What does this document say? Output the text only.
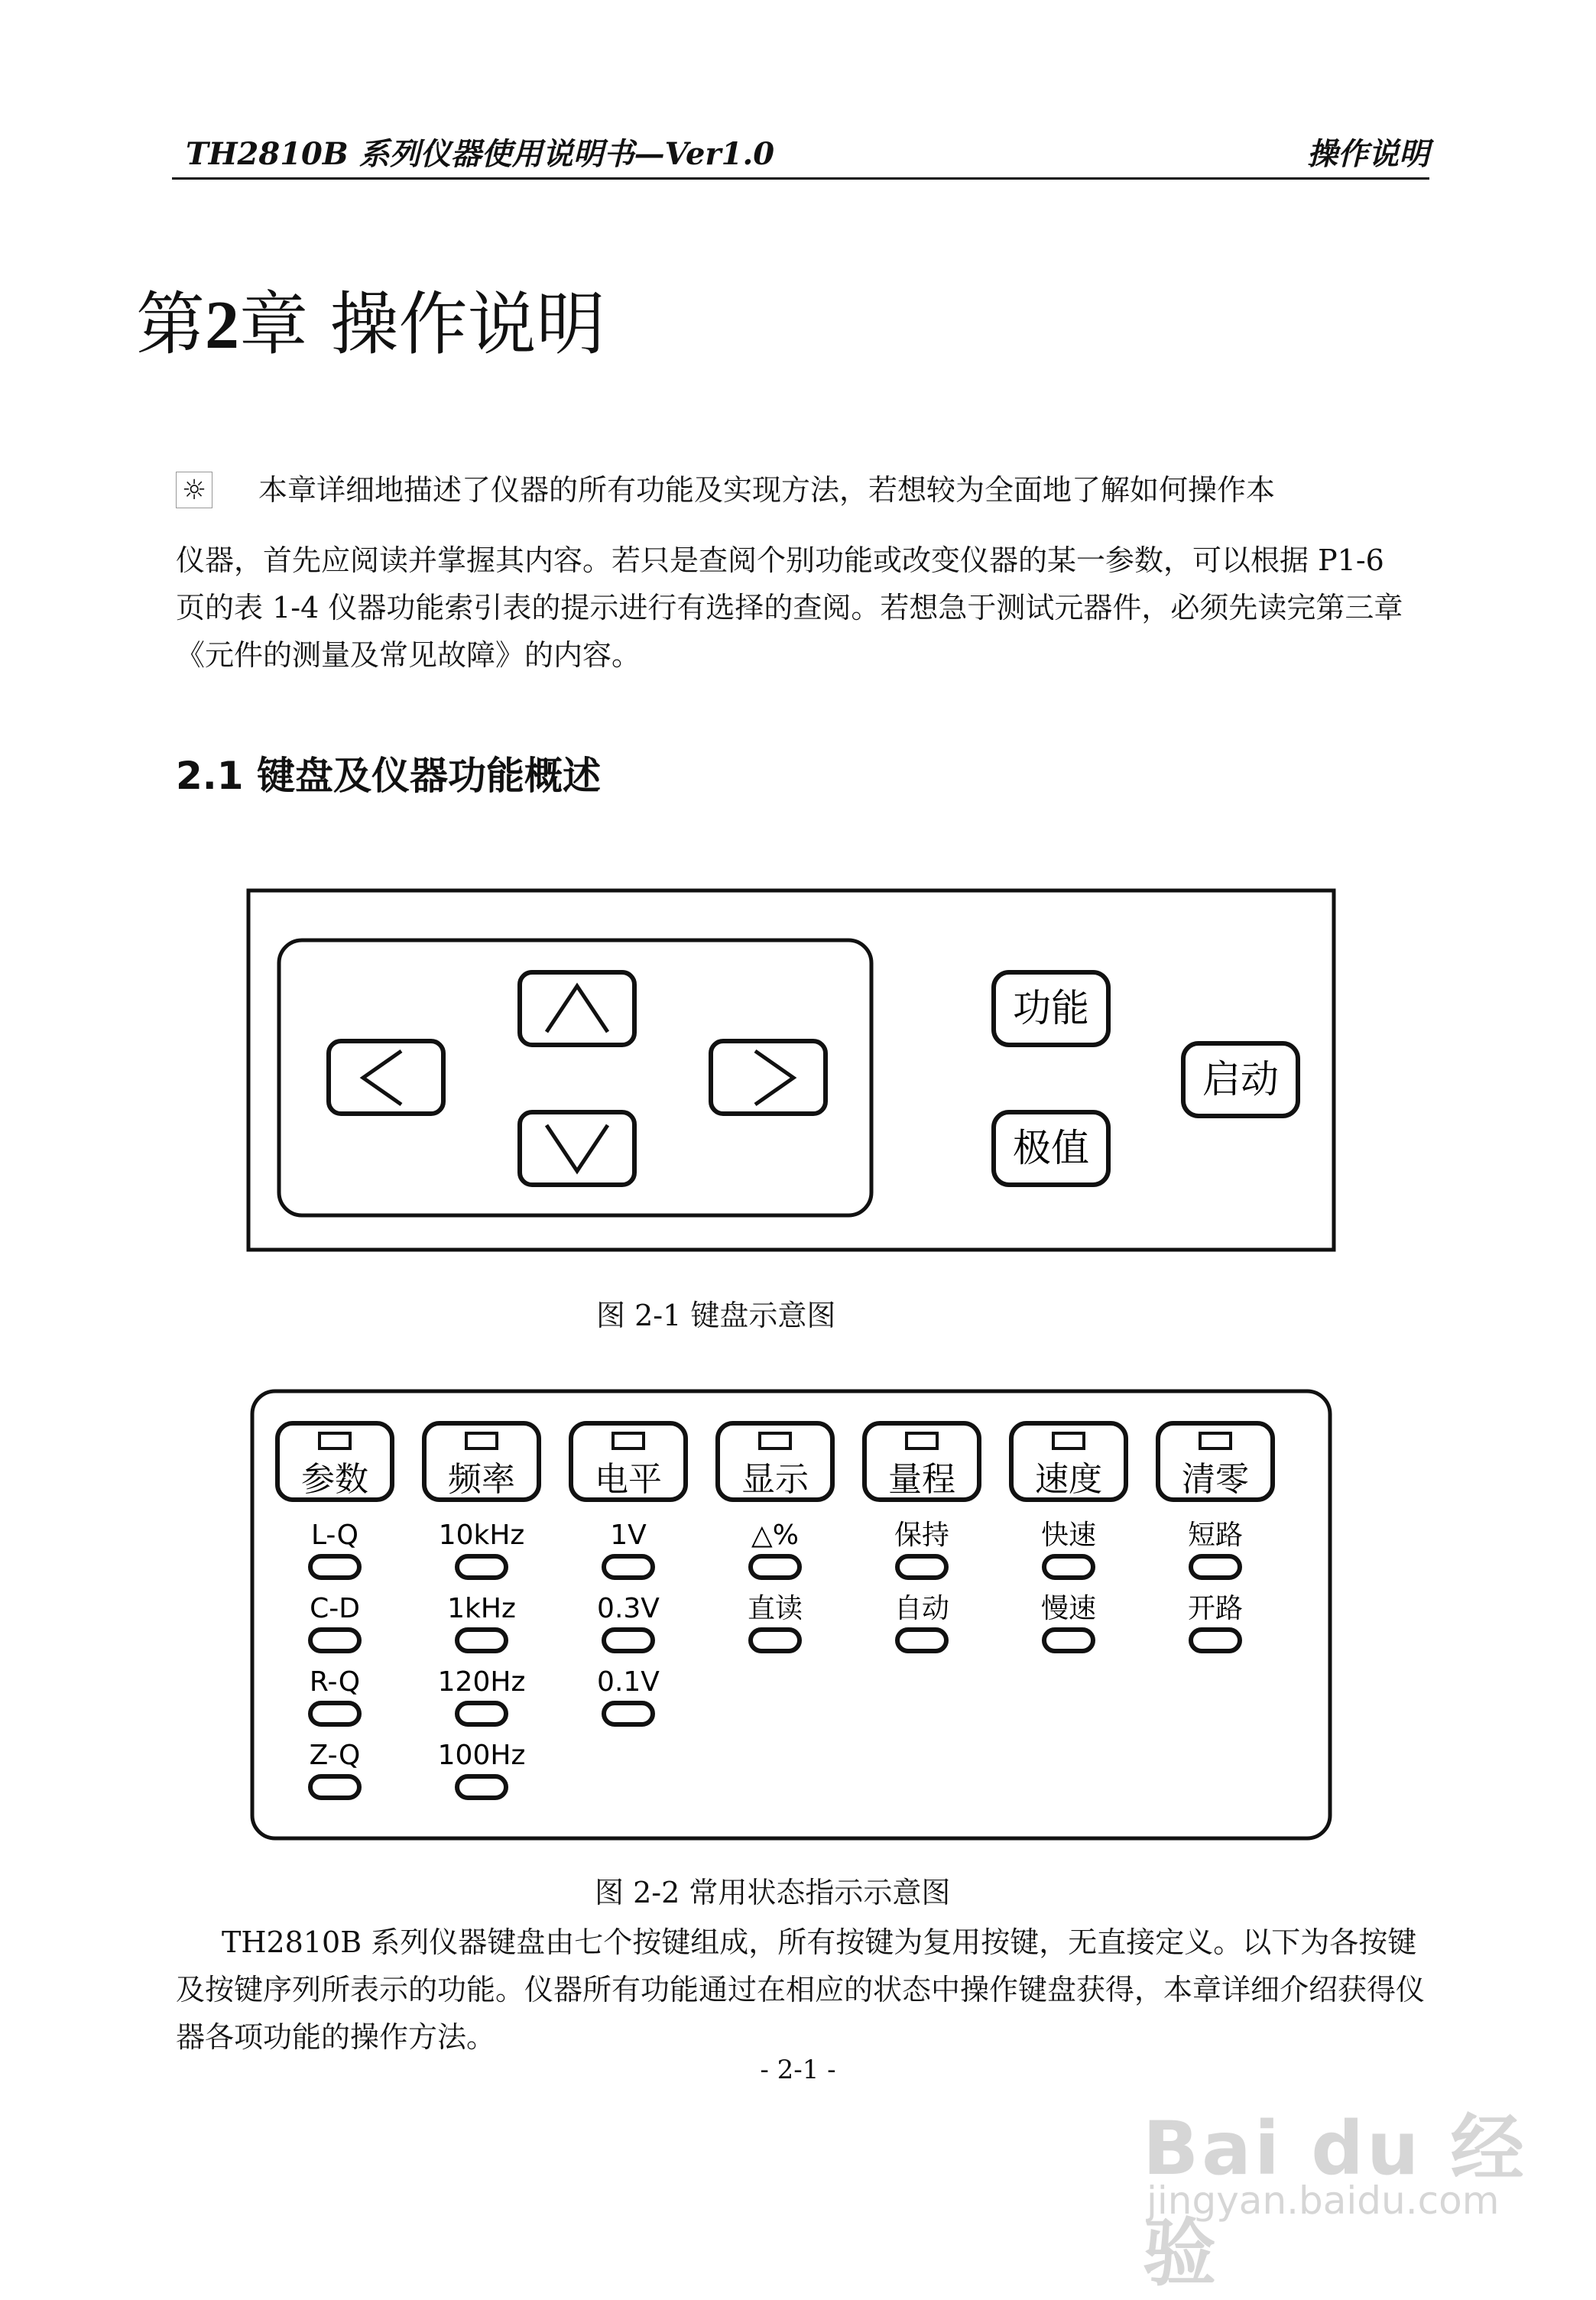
TH2810B 系列仪器使用说明书—Ver1.0	操作说明
第2章 操作说明
☼ 本章详细地描述了仪器的所有功能及实现方法，若想较为全面地了解如何操作本
仪器，首先应阅读并掌握其内容。若只是查阅个别功能或改变仪器的某一参数，可以根据 P1-6 页的表 1-4 仪器功能索引表的提示进行有选择的查阅。若想急于测试元器件，必须先读完第三章《元件的测量及常见故障》的内容。
2.1 键盘及仪器功能概述
功能
极值
启动
图 2-1 键盘示意图
参数
L-Q
C-D
R-Q
Z-Q
频率
10kHz
1kHz
120Hz
100Hz
电平
1V
0.3V
0.1V
显示
△%
直读
量程
保持
自动
速度
快速
慢速
清零
短路
开路
图 2-2 常用状态指示示意图
TH2810B 系列仪器键盘由七个按键组成，所有按键为复用按键，无直接定义。以下为各按键及按键序列所表示的功能。仪器所有功能通过在相应的状态中操作键盘获得，本章详细介绍获得仪器各项功能的操作方法。
- 2-1 -
Bai du 经验
jingyan.baidu.com
